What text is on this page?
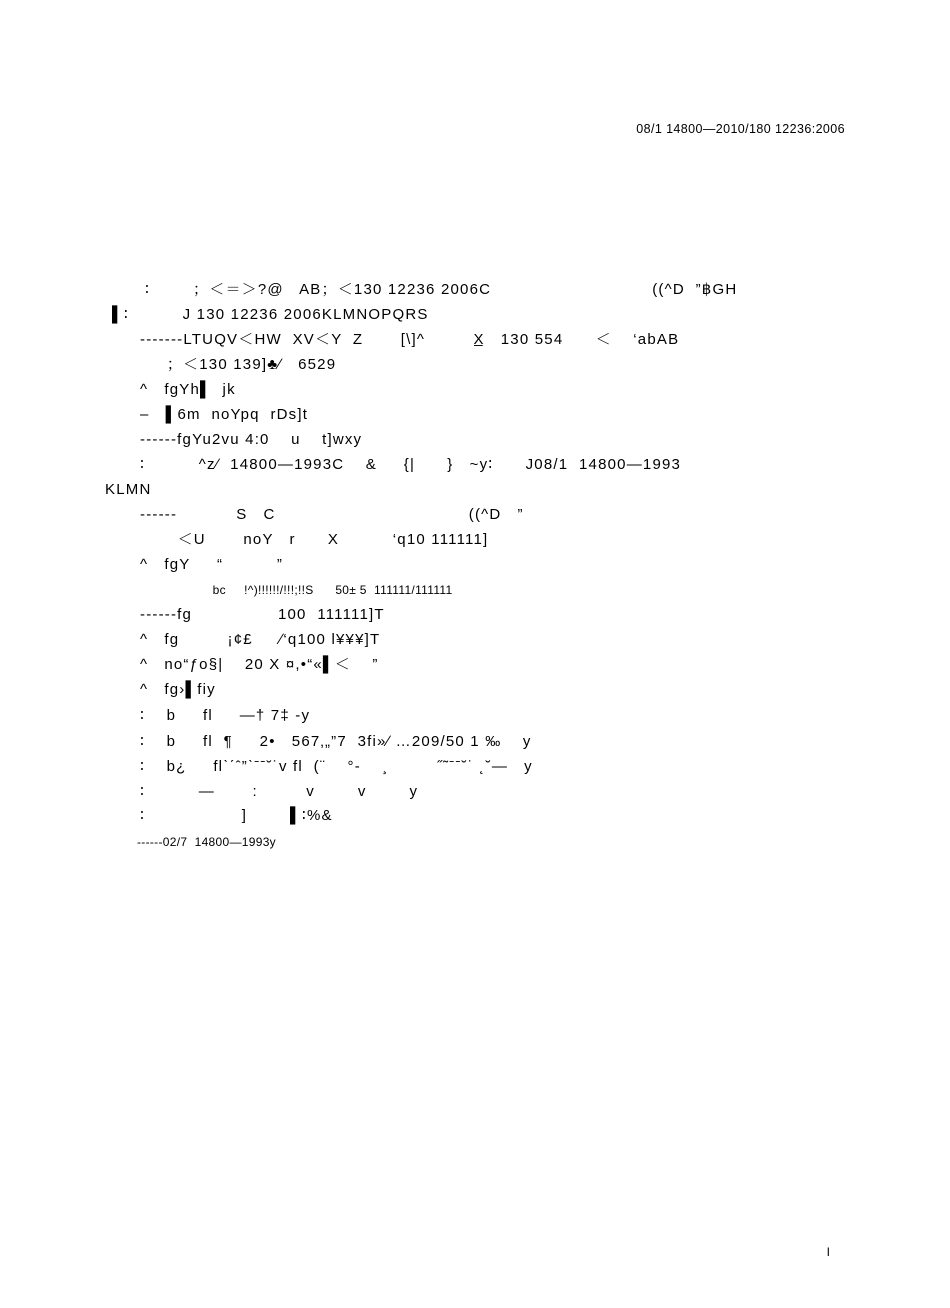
08/1 14800—2010/180 12236:2006
∶        ；＜＝＞?@   AB；＜130 12236 2006C                              ((^D  ”฿GH
▌∶          J 130 12236 2006KLMNOPQRS
-------LTUQV＜HW  XV＜Y  Z       [\]^         X̲   130 554      ＜    ‘abAB
；＜130 139]♣∕   6529
^   fgYh▌  jk
–   ▌6m  noYpq  rDs]t
------fgYu2vu 4:0    u    t]wxy
∶          ^z∕  14800—1993C    &     {|      }   ~y∶      J08/1  14800—1993
KLMN
------           S   C                                    ((^D   ”
＜U       noY   r      X          ‘q10 111111]
^   fgY     “          ”
bc     !^)!!!!!!/!!!;!!S      50± 5  111111/111111
------fg                100  111111]T
^   fg         ¡¢£     ∕‘q100 l¥¥¥]T
^   no“ƒo§|    20 X ¤,•“«▌＜    ”
^   fg›▌fiy
∶    b     fl     —† 7‡ -y
∶    b     fl  ¶     2•   567‚„”7  3fi»∕ …209/50 1 ‰    y
∶    b¿     flˋˊˆ”ˋˉˉ˘˙v fl  (¨    °-    ¸         ˝˜ˉˉ˘˙ ˛˘—   y
∶          —       :         v        v        y
∶                  ]        ▌∶%&
------02/7  14800—1993y
I
